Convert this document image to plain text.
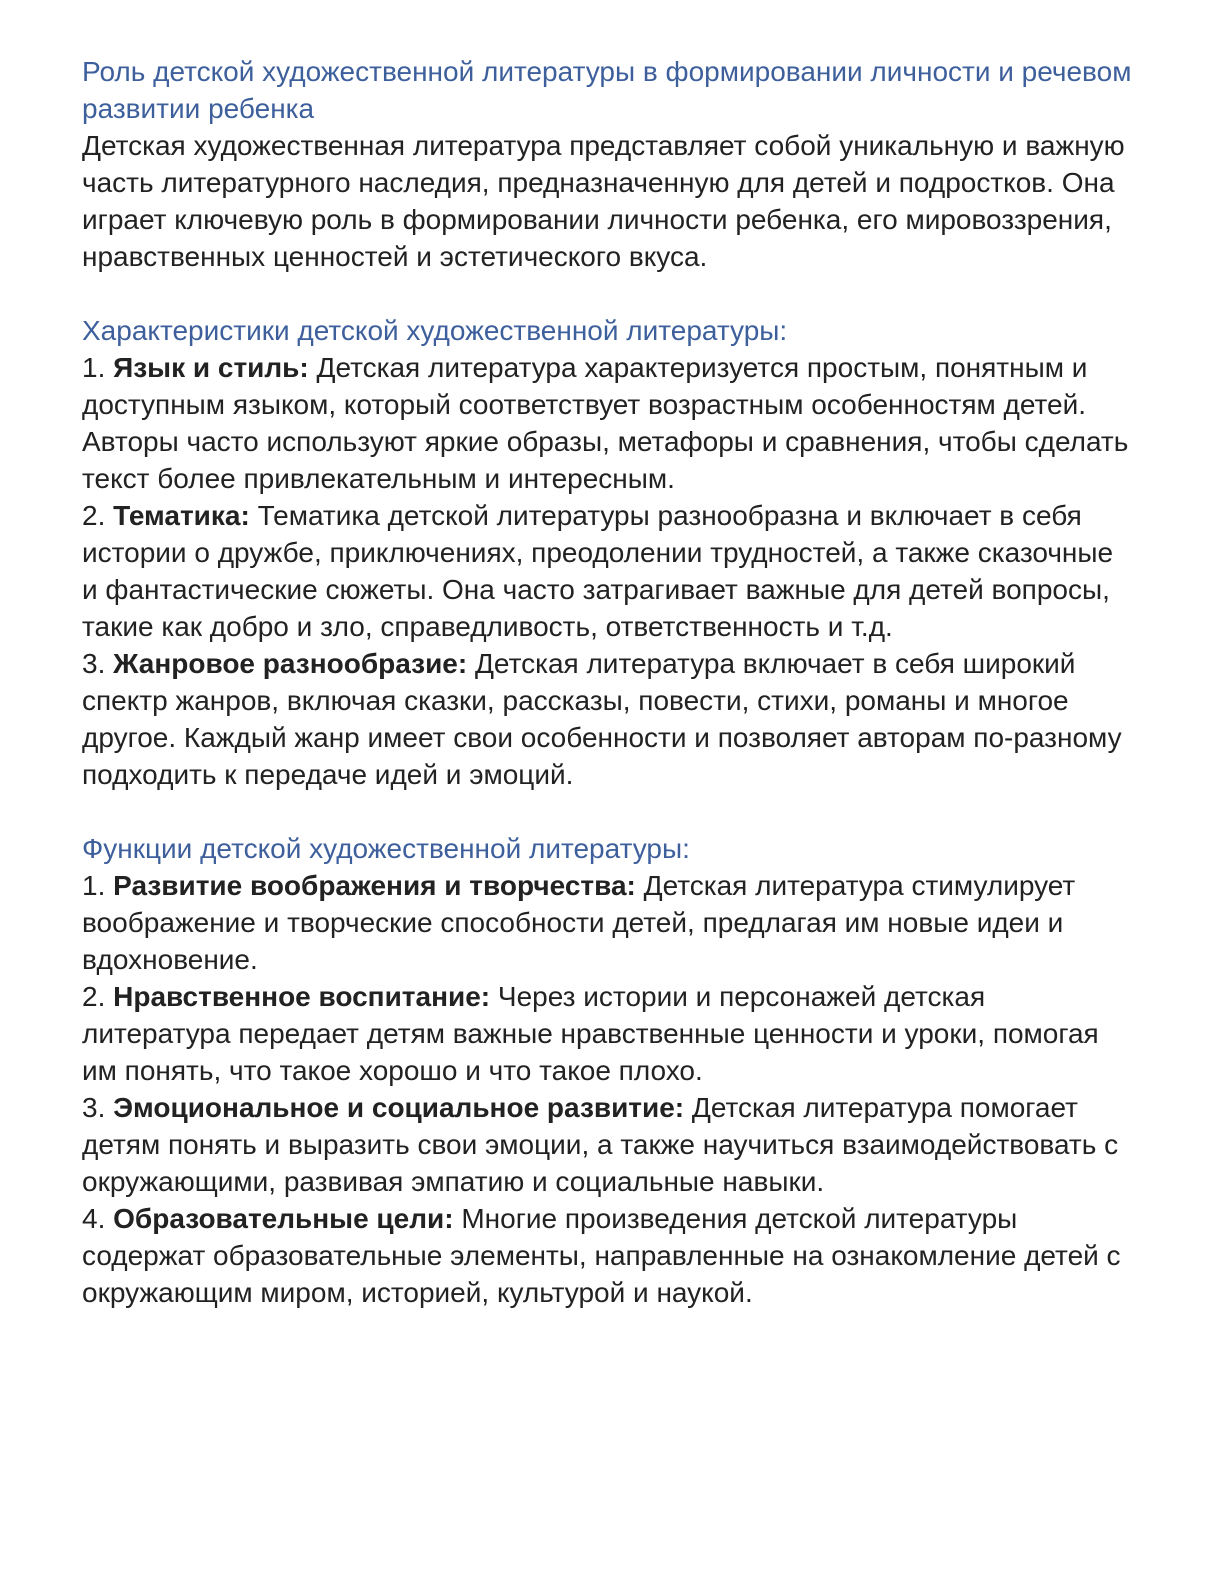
Роль детской художественной литературы в формировании личности и речевом развитии ребенка

Детская художественная литература представляет собой уникальную и важную часть литературного наследия, предназначенную для детей и подростков. Она играет ключевую роль в формировании личности ребенка, его мировоззрения, нравственных ценностей и эстетического вкуса.

Характеристики детской художественной литературы:

1. Язык и стиль: Детская литература характеризуется простым, понятным и доступным языком, который соответствует возрастным особенностям детей. Авторы часто используют яркие образы, метафоры и сравнения, чтобы сделать текст более привлекательным и интересным.

2. Тематика: Тематика детской литературы разнообразна и включает в себя истории о дружбе, приключениях, преодолении трудностей, а также сказочные и фантастические сюжеты. Она часто затрагивает важные для детей вопросы, такие как добро и зло, справедливость, ответственность и т.д.

3. Жанровое разнообразие: Детская литература включает в себя широкий спектр жанров, включая сказки, рассказы, повести, стихи, романы и многое другое. Каждый жанр имеет свои особенности и позволяет авторам по-разному подходить к передаче идей и эмоций.

Функции детской художественной литературы:

1. Развитие воображения и творчества: Детская литература стимулирует воображение и творческие способности детей, предлагая им новые идеи и вдохновение.

2. Нравственное воспитание: Через истории и персонажей детская литература передает детям важные нравственные ценности и уроки, помогая им понять, что такое хорошо и что такое плохо.

3. Эмоциональное и социальное развитие: Детская литература помогает детям понять и выразить свои эмоции, а также научиться взаимодействовать с окружающими, развивая эмпатию и социальные навыки.

4. Образовательные цели: Многие произведения детской литературы содержат образовательные элементы, направленные на ознакомление детей с окружающим миром, историей, культурой и наукой.
